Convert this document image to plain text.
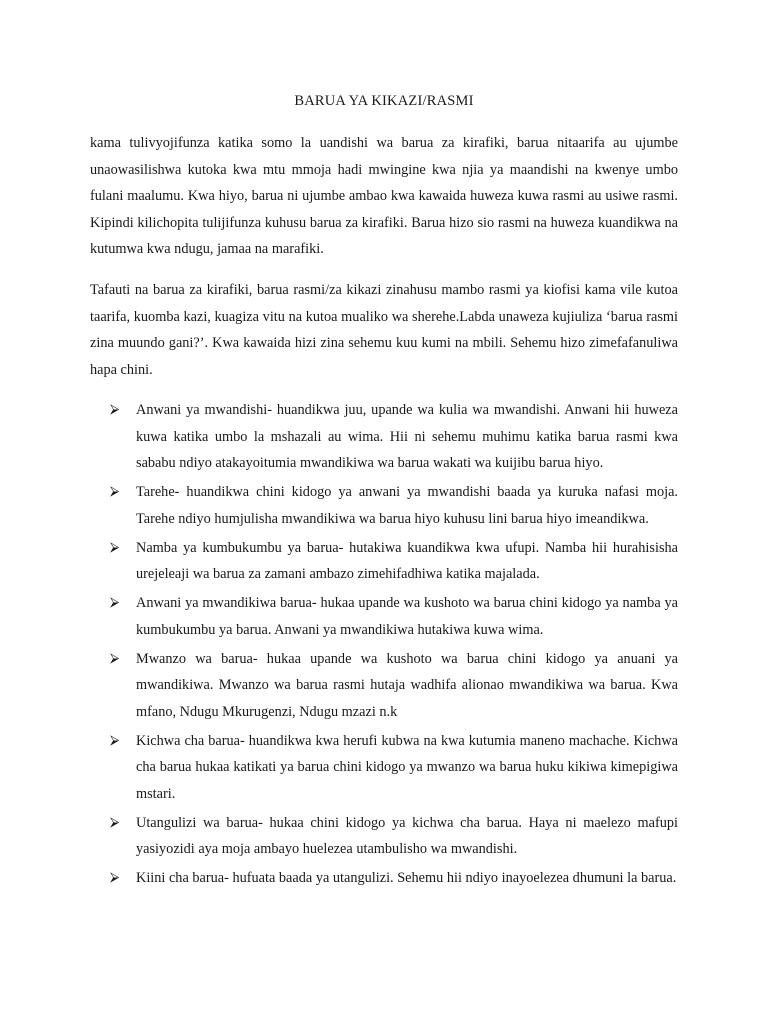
BARUA YA KIKAZI/RASMI
kama tulivyojifunza katika somo la uandishi wa barua za kirafiki, barua nitaarifa au ujumbe unaowasilishwa kutoka kwa mtu mmoja hadi mwingine kwa njia ya maandishi na kwenye umbo fulani maalumu. Kwa hiyo, barua ni ujumbe ambao kwa kawaida huweza kuwa rasmi au usiwe rasmi. Kipindi kilichopita tulijifunza kuhusu barua za kirafiki. Barua hizo sio rasmi na huweza kuandikwa na kutumwa kwa ndugu, jamaa na marafiki.
Tafauti na barua za kirafiki, barua rasmi/za kikazi zinahusu mambo rasmi ya kiofisi kama vile kutoa taarifa, kuomba kazi, kuagiza vitu na kutoa mualiko wa sherehe.Labda unaweza kujiuliza ‘barua rasmi zina muundo gani?’. Kwa kawaida hizi zina sehemu kuu kumi na mbili. Sehemu hizo zimefafanuliwa hapa chini.
⮚ Anwani ya mwandishi- huandikwa juu, upande wa kulia wa mwandishi. Anwani hii huweza kuwa katika umbo la mshazali au wima. Hii ni sehemu muhimu katika barua rasmi kwa sababu ndiyo atakayoitumia mwandikiwa wa barua wakati wa kuijibu barua hiyo.
⮚ Tarehe- huandikwa chini kidogo ya anwani ya mwandishi baada ya kuruka nafasi moja. Tarehe ndiyo humjulisha mwandikiwa wa barua hiyo kuhusu lini barua hiyo imeandikwa.
⮚ Namba ya kumbukumbu ya barua- hutakiwa kuandikwa kwa ufupi. Namba hii hurahisisha urejeleaji wa barua za zamani ambazo zimehifadhiwa katika majalada.
⮚ Anwani ya mwandikiwa barua- hukaa upande wa kushoto wa barua chini kidogo ya namba ya kumbukumbu ya barua. Anwani ya mwandikiwa hutakiwa kuwa wima.
⮚ Mwanzo wa barua- hukaa upande wa kushoto wa barua chini kidogo ya anuani ya mwandikiwa. Mwanzo wa barua rasmi hutaja wadhifa alionao mwandikiwa wa barua. Kwa mfano, Ndugu Mkurugenzi, Ndugu mzazi n.k
⮚ Kichwa cha barua- huandikwa kwa herufi kubwa na kwa kutumia maneno machache. Kichwa cha barua hukaa katikati ya barua chini kidogo ya mwanzo wa barua huku kikiwa kimepigiwa mstari.
⮚ Utangulizi wa barua- hukaa chini kidogo ya kichwa cha barua. Haya ni maelezo mafupi yasiyozidi aya moja ambayo huelezea utambulisho wa mwandishi.
⮚ Kiini cha barua- hufuata baada ya utangulizi. Sehemu hii ndiyo inayoelezea dhumuni la barua.
